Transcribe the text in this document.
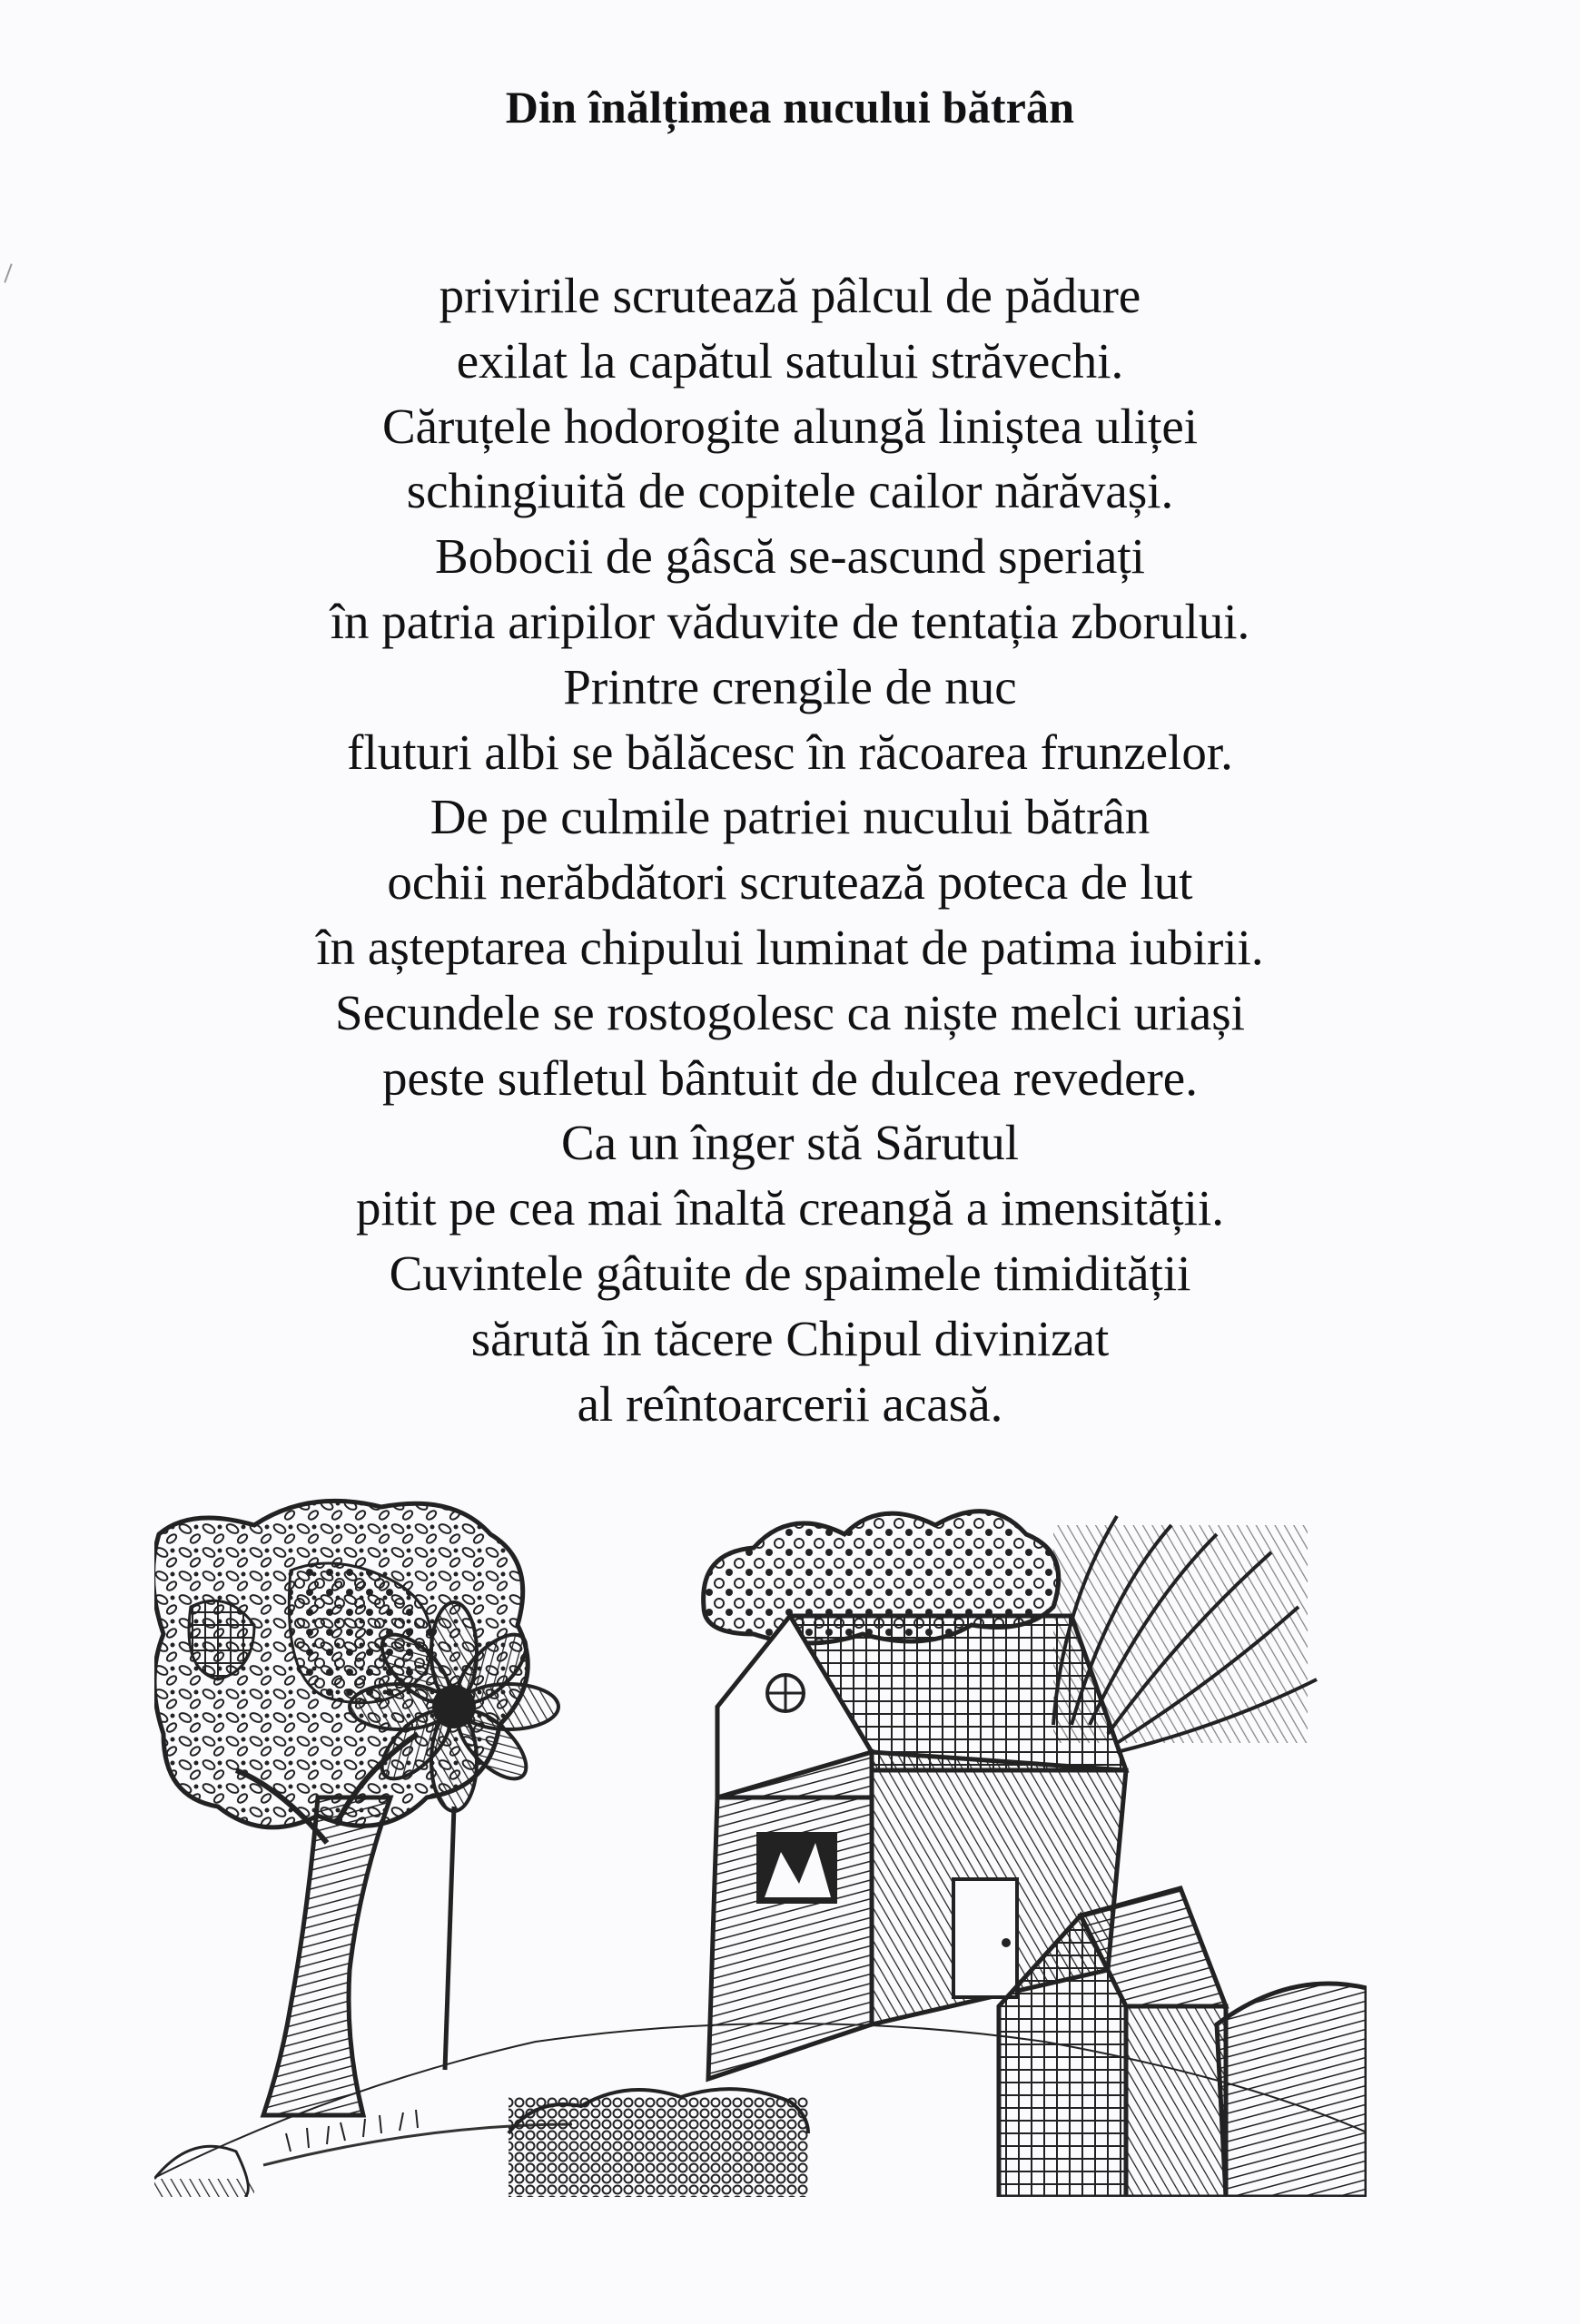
Din înălțimea nucului bătrân
privirile scrutează pâlcul de pădure
exilat la capătul satului străvechi.
Căruțele hodorogite alungă liniștea uliței
schingiuită de copitele cailor nărăvași.
Bobocii de gâscă se-ascund speriați
în patria aripilor văduvite de tentația zborului.
Printre crengile de nuc
fluturi albi se bălăcesc în răcoarea frunzelor.
De pe culmile patriei nucului bătrân
ochii nerăbdători scrutează poteca de lut
în așteptarea chipului luminat de patima iubirii.
Secundele se rostogolesc ca niște melci uriași
peste sufletul bântuit de dulcea revedere.
Ca un înger stă Sărutul
pitit pe cea mai înaltă creangă a imensității.
Cuvintele gâtuite de spaimele timidității
sărută în tăcere Chipul divinizat
al reîntoarcerii acasă.
